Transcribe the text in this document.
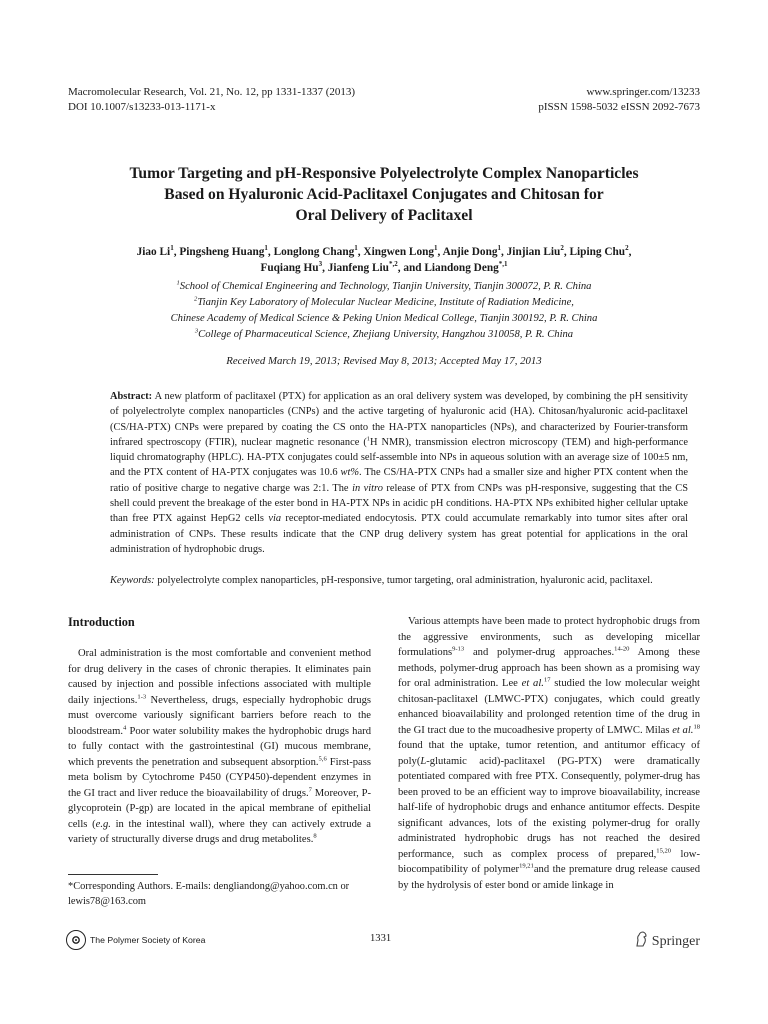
Macromolecular Research, Vol. 21, No. 12, pp 1331-1337 (2013)
DOI 10.1007/s13233-013-1171-x
www.springer.com/13233
pISSN 1598-5032 eISSN 2092-7673
Tumor Targeting and pH-Responsive Polyelectrolyte Complex Nanoparticles
Based on Hyaluronic Acid-Paclitaxel Conjugates and Chitosan for
Oral Delivery of Paclitaxel
Jiao Li$^1$, Pingsheng Huang$^1$, Longlong Chang$^1$, Xingwen Long$^1$, Anjie Dong$^1$, Jinjian Liu$^2$, Liping Chu$^2$,
Fuqiang Hu$^3$, Jianfeng Liu$^{*,2}$, and Liandong Deng$^{*,1}$
$^1$School of Chemical Engineering and Technology, Tianjin University, Tianjin 300072, P. R. China
$^2$Tianjin Key Laboratory of Molecular Nuclear Medicine, Institute of Radiation Medicine,
Chinese Academy of Medical Science & Peking Union Medical College, Tianjin 300192, P. R. China
$^3$College of Pharmaceutical Science, Zhejiang University, Hangzhou 310058, P. R. China
Received March 19, 2013; Revised May 8, 2013; Accepted May 17, 2013
Abstract: A new platform of paclitaxel (PTX) for application as an oral delivery system was developed, by combining the pH sensitivity of polyelectrolyte complex nanoparticles (CNPs) and the active targeting of hyaluronic acid (HA). Chitosan/hyaluronic acid-paclitaxel (CS/HA-PTX) CNPs were prepared by coating the CS onto the HA-PTX nanoparticles (NPs), and characterized by Fourier-transform infrared spectroscopy (FTIR), nuclear magnetic resonance ($^1$H NMR), transmission electron microscopy (TEM) and high-performance liquid chromatography (HPLC). HA-PTX conjugates could self-assemble into NPs in aqueous solution with an average size of 100±5 nm, and the PTX content of HA-PTX conjugates was 10.6 wt%. The CS/HA-PTX CNPs had a smaller size and higher PTX content when the ratio of positive charge to negative charge was 2:1. The in vitro release of PTX from CNPs was pH-responsive, suggesting that the CS shell could prevent the breakage of the ester bond in HA-PTX NPs in acidic pH conditions. HA-PTX NPs exhibited higher cellular uptake than free PTX against HepG2 cells via receptor-mediated endocytosis. PTX could accumulate remarkably into tumor sites after oral administration of CNPs. These results indicate that the CNP drug delivery system has great potential for applications in the oral administration of hydrophobic drugs.
Keywords: polyelectrolyte complex nanoparticles, pH-responsive, tumor targeting, oral administration, hyaluronic acid, paclitaxel.
Introduction
Oral administration is the most comfortable and convenient method for drug delivery in the cases of chronic therapies. It eliminates pain caused by injection and possible infections associated with multiple daily injections.$^{1-3}$ Nevertheless, drugs, especially hydrophobic drugs must overcome variously significant barriers before reach to the bloodstream.$^4$ Poor water solubility makes the hydrophobic drugs hard to fully contact with the gastrointestinal (GI) mucous membrane, which prevents the penetration and subsequent absorption.$^{5,6}$ First-pass meta bolism by Cytochrome P450 (CYP450)-dependent enzymes in the GI tract and liver reduce the bioavailability of drugs.$^7$ Moreover, P-glycoprotein (P-gp) are located in the apical membrane of epithelial cells (e.g. in the intestinal wall), where they can actively extrude a variety of structurally diverse drugs and drug metabolites.$^8$
Various attempts have been made to protect hydrophobic drugs from the aggressive environments, such as developing micellar formulations$^{9-13}$ and polymer-drug approaches.$^{14-20}$ Among these methods, polymer-drug approach has been shown as a promising way for oral administration. Lee et al.$^{17}$ studied the low molecular weight chitosan-paclitaxel (LMWC-PTX) conjugates, which could greatly enhanced bioavailability and prolonged retention time of the drug in the GI tract due to the mucoadhesive property of LMWC. Milas et al.$^{18}$ found that the uptake, tumor retention, and antitumor efficacy of poly(L-glutamic acid)-paclitaxel (PG-PTX) were dramatically potentiated compared with free PTX. Consequently, polymer-drug has been proved to be an efficient way to improve bioavailability, increase half-life of hydrophobic drugs and enhance antitumor effects. Despite significant advances, lots of the existing polymer-drug for orally administrated hydrophobic drugs has not reached the desired performance, such as complex process of prepared,$^{15,20}$ low-biocompatibility of polymer$^{19,21}$and the premature drug release caused by the hydrolysis of ester bond or amide linkage in
*Corresponding Authors. E-mails: dengliandong@yahoo.com.cn or lewis78@163.com
The Polymer Society of Korea	1331	Springer
